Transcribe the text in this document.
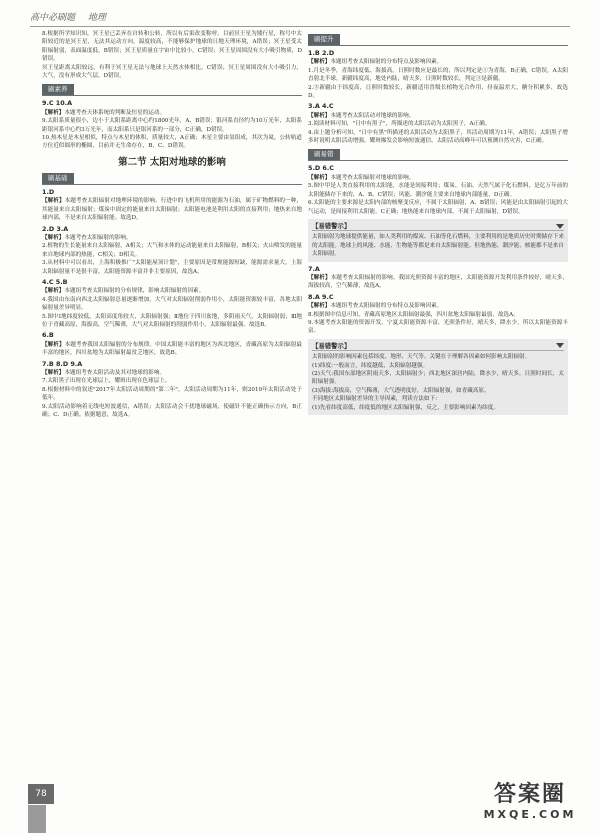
高中必刷题 地理

8.根据所学知识知，冥王星已丢弃在自转和公转，所以有后果改变称呼。目前冥王星为矮行星，称号中太阳较近的是冥王星，无法其运动方向，温度较高，不能够保护地球的日地天理环境，A错误；冥王星受太阳辐射弱，表面温度低，B错误；冥王星质量在宇宙中比较小，C错误；冥王星周围没有大小吸引物质，D错误。

冥王星距离太阳较远，有利于冥王星无法与地球上天然水体相比，C错误；冥王星周围没有大小吸引力，大气，没有形成大气层，D错误。

刷素养
9.C 10.A

【解析】本题考查天体系统的判断及恒星的运动。

9.太阳系质量很小，边小于太阳系距离中心约1800光年，A、B错误；银河系直径约为10万光年，太阳系距银河系中心约3万光年，而太阳系只是银河系的一部分，C正确，D错误。

10.热木星是木星相似，特点与木星的体积、质量较大，A正确；木星主要由氢组成，其次为氦，公转轨道方位近似圆形的椭圆，目前并无生命存在，B、C、D错误。

第二节 太阳对地球的影响
刷基础
1.D

【解析】本题考查太阳辐射对地理环境的影响。行进中的飞机所用的能源为石油，属于矿物燃料的一种，其能量来自太阳辐射；煤炭中固定的能量来自太阳辐射；太阳能电池是利用太阳的直接利用；地热来自地球内部，不是来自太阳辐射能。故选D。

2.D 3.A

【解析】本题考查太阳辐射的影响。

2.植物的生长能量来自太阳辐射，A相关；大气和水体的运动能量来自太阳辐射，B相关；火山喷发的能量来自地球内部的热能，C相关；D相关。

3.从材料中可以看出，上海积极推广"太阳能屋顶计划"，主要原因是常规能源短缺，能源需求量大。上海太阳辐射量不是很丰富，太阳能资源丰富并非主要原因，故选A。

4.C 5.B

【解析】本题组考查太阳辐射的分布规律，影响太阳辐射的因素。

4.我国由东南向西北太阳辐射总量逐渐增加，大气对太阳辐射削弱作用小，太阳能资源较丰富，各地太阳辐射量差异明显。

5.图中Ⅰ地纬度较低，太阳高度角较大，太阳辐射强；Ⅱ地位于四川盆地，多阴雨天气，太阳辐射弱；Ⅲ地位于青藏高原，海拔高，空气稀薄，大气对太阳辐射的削弱作用小，太阳辐射最强。故选B。

6.B

【解析】本题考查我国太阳辐射的分布规律。中国太阳能丰富的地区为西北地区，青藏高原为太阳辐射最丰富的地区，四川盆地为太阳辐射最贫乏地区，故选B。

7.B 8.D 9.A

【解析】本题组考查太阳活动及其对地球的影响。

7.太阳黑子出现在光球层上，耀斑出现在色球层上。

8.根据材料中的叙述"2017年太阳活动周期的"第二年"，太阳活动周期为11年，则2019年太阳活动处于低年。

9.太阳活动影响着无线电短波通信，A错误；太阳活动会干扰地球磁场，使磁针不能正确指示方向，B正确；C、D正确。依据题意，故选A。

刷提升
1.B 2.D

【解析】本题组考查太阳辐射的分布特点及影响因素。

1.月是冬季，青海纬度低、海拔高，日照时数应是最长的，所以判定是①为青海，B正确，C错误，A太阳直射北半球，新疆纬度高，地处内陆，晴天多，日照时数较长，判定③是新疆。

2.③新疆由于纬度高，日照时数较长，新疆适用晋级长植物光合作用，昼夜温差大，糖分积累多，故选D。

3.A 4.C

【解析】本题考查太阳活动对地球的影响。

3.阅读材料可知，"日中有黑子"，所描述的太阳活动为太阳黑子，A正确。

4.由上题分析可知，"日中有黑"所描述的太阳活动为太阳黑子，其活动周期为11年，A错误；太阳黑子增多时说明太阳活动增强，耀斑爆发会影响短波通信，太阳活动高峰年可以预测自然灾害，C正确。

刷易错
5.D 6.C

【解析】本题考查太阳辐射对地球的影响。

5.图中甲是人类直接利用的太阳能，水能是间接利用；煤炭、石油、天然气属于化石燃料，是亿万年前的太阳能储存下来的，A、B、C错误；风能、潮汐能主要来自地球内部能量，D正确。

6.太阳能的主要来源是太阳内部的核聚变反应，不属于太阳辐射，A、B错误；风能是由太阳辐射引起的大气运动，是间接利用太阳能，C正确；地热能来自地球内部，不属于太阳辐射，D错误。

【易错警示】

太阳辐射为地球提供能量，如人类利用的煤炭、石油等化石燃料，主要利用的是地质历史时期储存下来的太阳能。地球上的风能、水能、生物能等都是来自太阳辐射能。但地热能、潮汐能、核能都不是来自太阳辐射。

7.A

【解析】本题考查太阳辐射的影响。我国光照资源丰富的地区，太阳能资源开发利用条件较好，晴天多，海拔较高，空气稀薄，故选A。

8.A 9.C

【解析】本题组考查太阳辐射的分布特点及影响因素。

8.根据图中信息可知，青藏高原地区太阳辐射最强，四川盆地太阳辐射最弱，故选A。

9.本题考查太阳能的资源开发。宁夏太阳能资源丰富，光照条件好，晴天多，降水少，所以太阳能资源丰富。

【易错警示】

太阳辐射的影响因素包括纬度、地形、天气等。关键在于理解各因素如何影响太阳辐射。

(1)纬度:一般而言，纬度越低，太阳辐射越强。

(2)天气:我国东部地区阴雨天多，太阳辐射少；西北地区深居内陆，降水少，晴天多，日照时间长，太阳辐射强。

(3)海拔:海拔高，空气稀薄，大气透明度好，太阳辐射强，如青藏高原。

不同地区太阳辐射差异的主导因素，判读方法如下：

(1)先看纬度高低，纬度低的地区太阳辐射强，反之，主要影响因素为纬度。

78	答案圈
MXQE.COM
